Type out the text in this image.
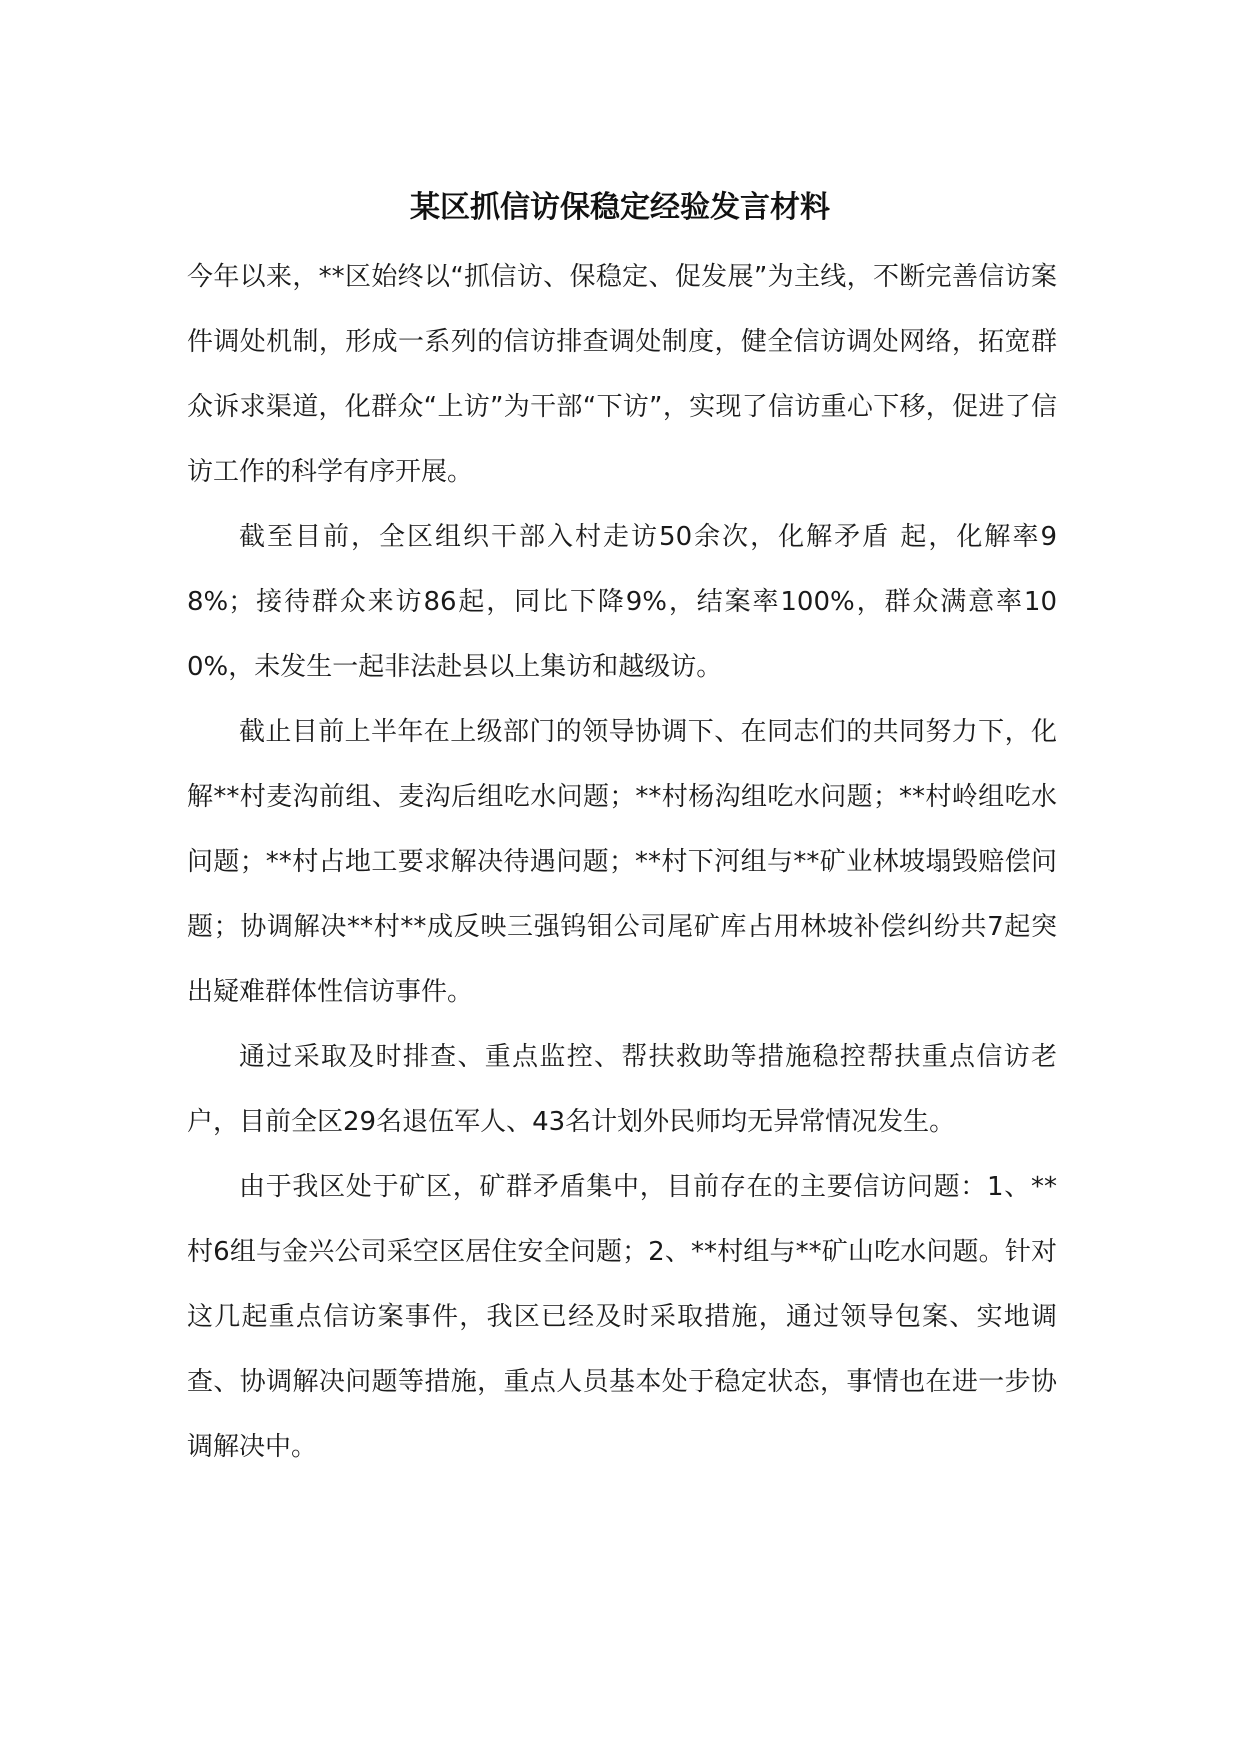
某区抓信访保稳定经验发言材料

今年以来，**区始终以“抓信访、保稳定、促发展”为主线，不断完善信访案件调处机制，形成一系列的信访排查调处制度，健全信访调处网络，拓宽群众诉求渠道，化群众“上访”为干部“下访”，实现了信访重心下移，促进了信访工作的科学有序开展。

截至目前，全区组织干部入村走访50余次，化解矛盾 起，化解率98%；接待群众来访86起，同比下降9%，结案率100%，群众满意率100%，未发生一起非法赴县以上集访和越级访。

截止目前上半年在上级部门的领导协调下、在同志们的共同努力下，化解**村麦沟前组、麦沟后组吃水问题；**村杨沟组吃水问题；**村岭组吃水问题；**村占地工要求解决待遇问题；**村下河组与**矿业林坡塌毁赔偿问题；协调解决**村**成反映三强钨钼公司尾矿库占用林坡补偿纠纷共7起突出疑难群体性信访事件。

通过采取及时排查、重点监控、帮扶救助等措施稳控帮扶重点信访老户，目前全区29名退伍军人、43名计划外民师均无异常情况发生。

由于我区处于矿区，矿群矛盾集中，目前存在的主要信访问题：1、**村6组与金兴公司采空区居住安全问题；2、**村组与**矿山吃水问题。针对这几起重点信访案事件，我区已经及时采取措施，通过领导包案、实地调查、协调解决问题等措施，重点人员基本处于稳定状态，事情也在进一步协调解决中。
